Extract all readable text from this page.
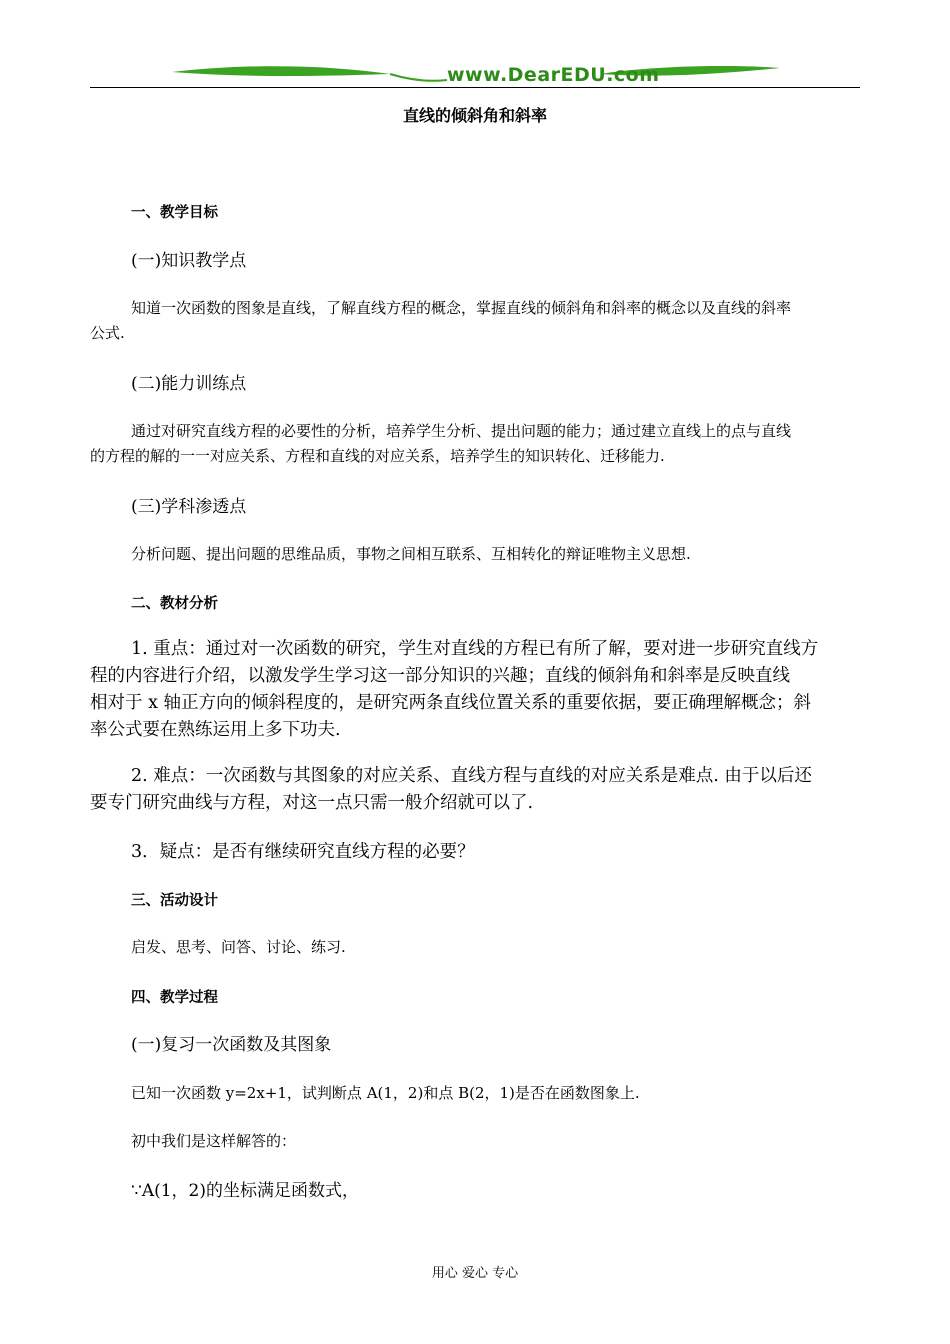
www.DearEDU.com
直线的倾斜角和斜率
一、教学目标
(一)知识教学点
知道一次函数的图象是直线，了解直线方程的概念，掌握直线的倾斜角和斜率的概念以及直线的斜率
公式.
(二)能力训练点
通过对研究直线方程的必要性的分析，培养学生分析、提出问题的能力；通过建立直线上的点与直线
的方程的解的一一对应关系、方程和直线的对应关系，培养学生的知识转化、迁移能力.
(三)学科渗透点
分析问题、提出问题的思维品质，事物之间相互联系、互相转化的辩证唯物主义思想.
二、教材分析
1. 重点：通过对一次函数的研究，学生对直线的方程已有所了解，要对进一步研究直线方
程的内容进行介绍，以激发学生学习这一部分知识的兴趣；直线的倾斜角和斜率是反映直线
相对于 x 轴正方向的倾斜程度的，是研究两条直线位置关系的重要依据，要正确理解概念；斜
率公式要在熟练运用上多下功夫.
2. 难点：一次函数与其图象的对应关系、直线方程与直线的对应关系是难点. 由于以后还
要专门研究曲线与方程，对这一点只需一般介绍就可以了.
3．疑点：是否有继续研究直线方程的必要？
三、活动设计
启发、思考、问答、讨论、练习.
四、教学过程
(一)复习一次函数及其图象
已知一次函数 y=2x+1，试判断点 A(1，2)和点 B(2，1)是否在函数图象上.
初中我们是这样解答的：
∵A(1，2)的坐标满足函数式，
用心 爱心 专心
